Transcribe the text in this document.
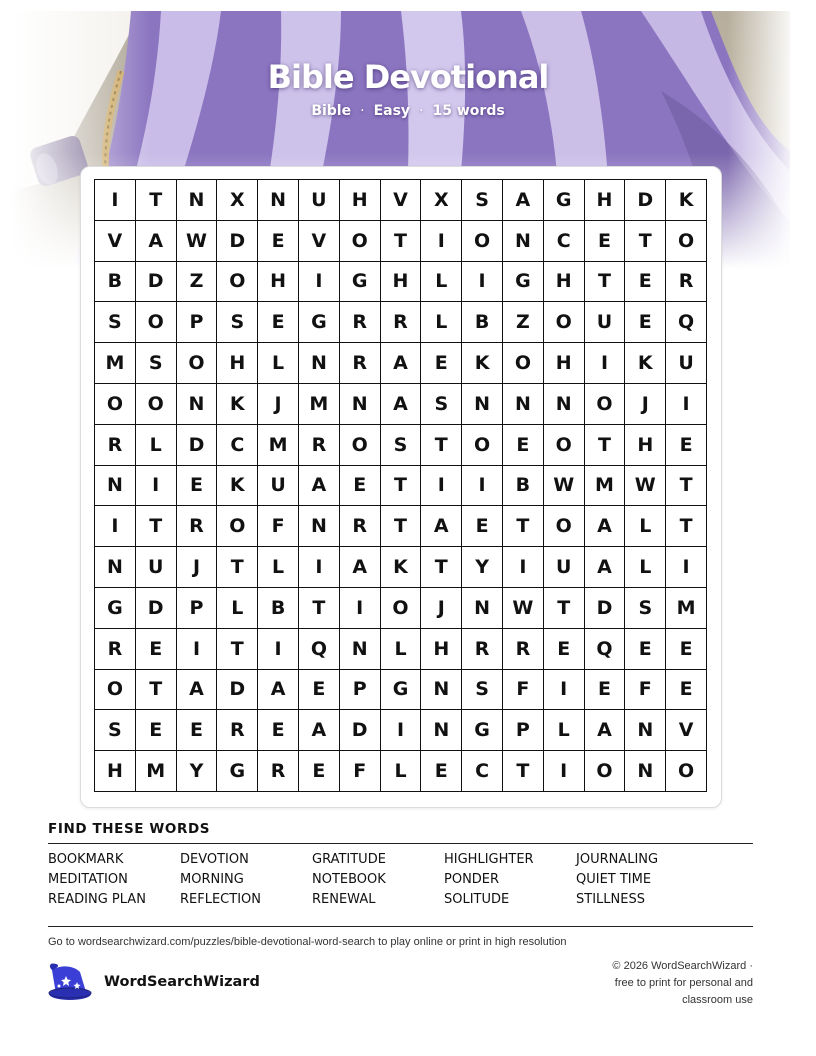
Bible Devotional
Bible · Easy · 15 words
I	T	N	X	N	U	H	V	X	S	A	G	H	D	K
V	A	W	D	E	V	O	T	I	O	N	C	E	T	O
B	D	Z	O	H	I	G	H	L	I	G	H	T	E	R
S	O	P	S	E	G	R	R	L	B	Z	O	U	E	Q
M	S	O	H	L	N	R	A	E	K	O	H	I	K	U
O	O	N	K	J	M	N	A	S	N	N	N	O	J	I
R	L	D	C	M	R	O	S	T	O	E	O	T	H	E
N	I	E	K	U	A	E	T	I	I	B	W	M	W	T
I	T	R	O	F	N	R	T	A	E	T	O	A	L	T
N	U	J	T	L	I	A	K	T	Y	I	U	A	L	I
G	D	P	L	B	T	I	O	J	N	W	T	D	S	M
R	E	I	T	I	Q	N	L	H	R	R	E	Q	E	E
O	T	A	D	A	E	P	G	N	S	F	I	E	F	E
S	E	E	R	E	A	D	I	N	G	P	L	A	N	V
H	M	Y	G	R	E	F	L	E	C	T	I	O	N	O
FIND THESE WORDS
BOOKMARK	DEVOTION	GRATITUDE	HIGHLIGHTER	JOURNALING
MEDITATION	MORNING	NOTEBOOK	PONDER	QUIET TIME
READING PLAN	REFLECTION	RENEWAL	SOLITUDE	STILLNESS
Go to wordsearchwizard.com/puzzles/bible-devotional-word-search to play online or print in high resolution
WordSearchWizard
© 2026 WordSearchWizard ·
free to print for personal and
classroom use
